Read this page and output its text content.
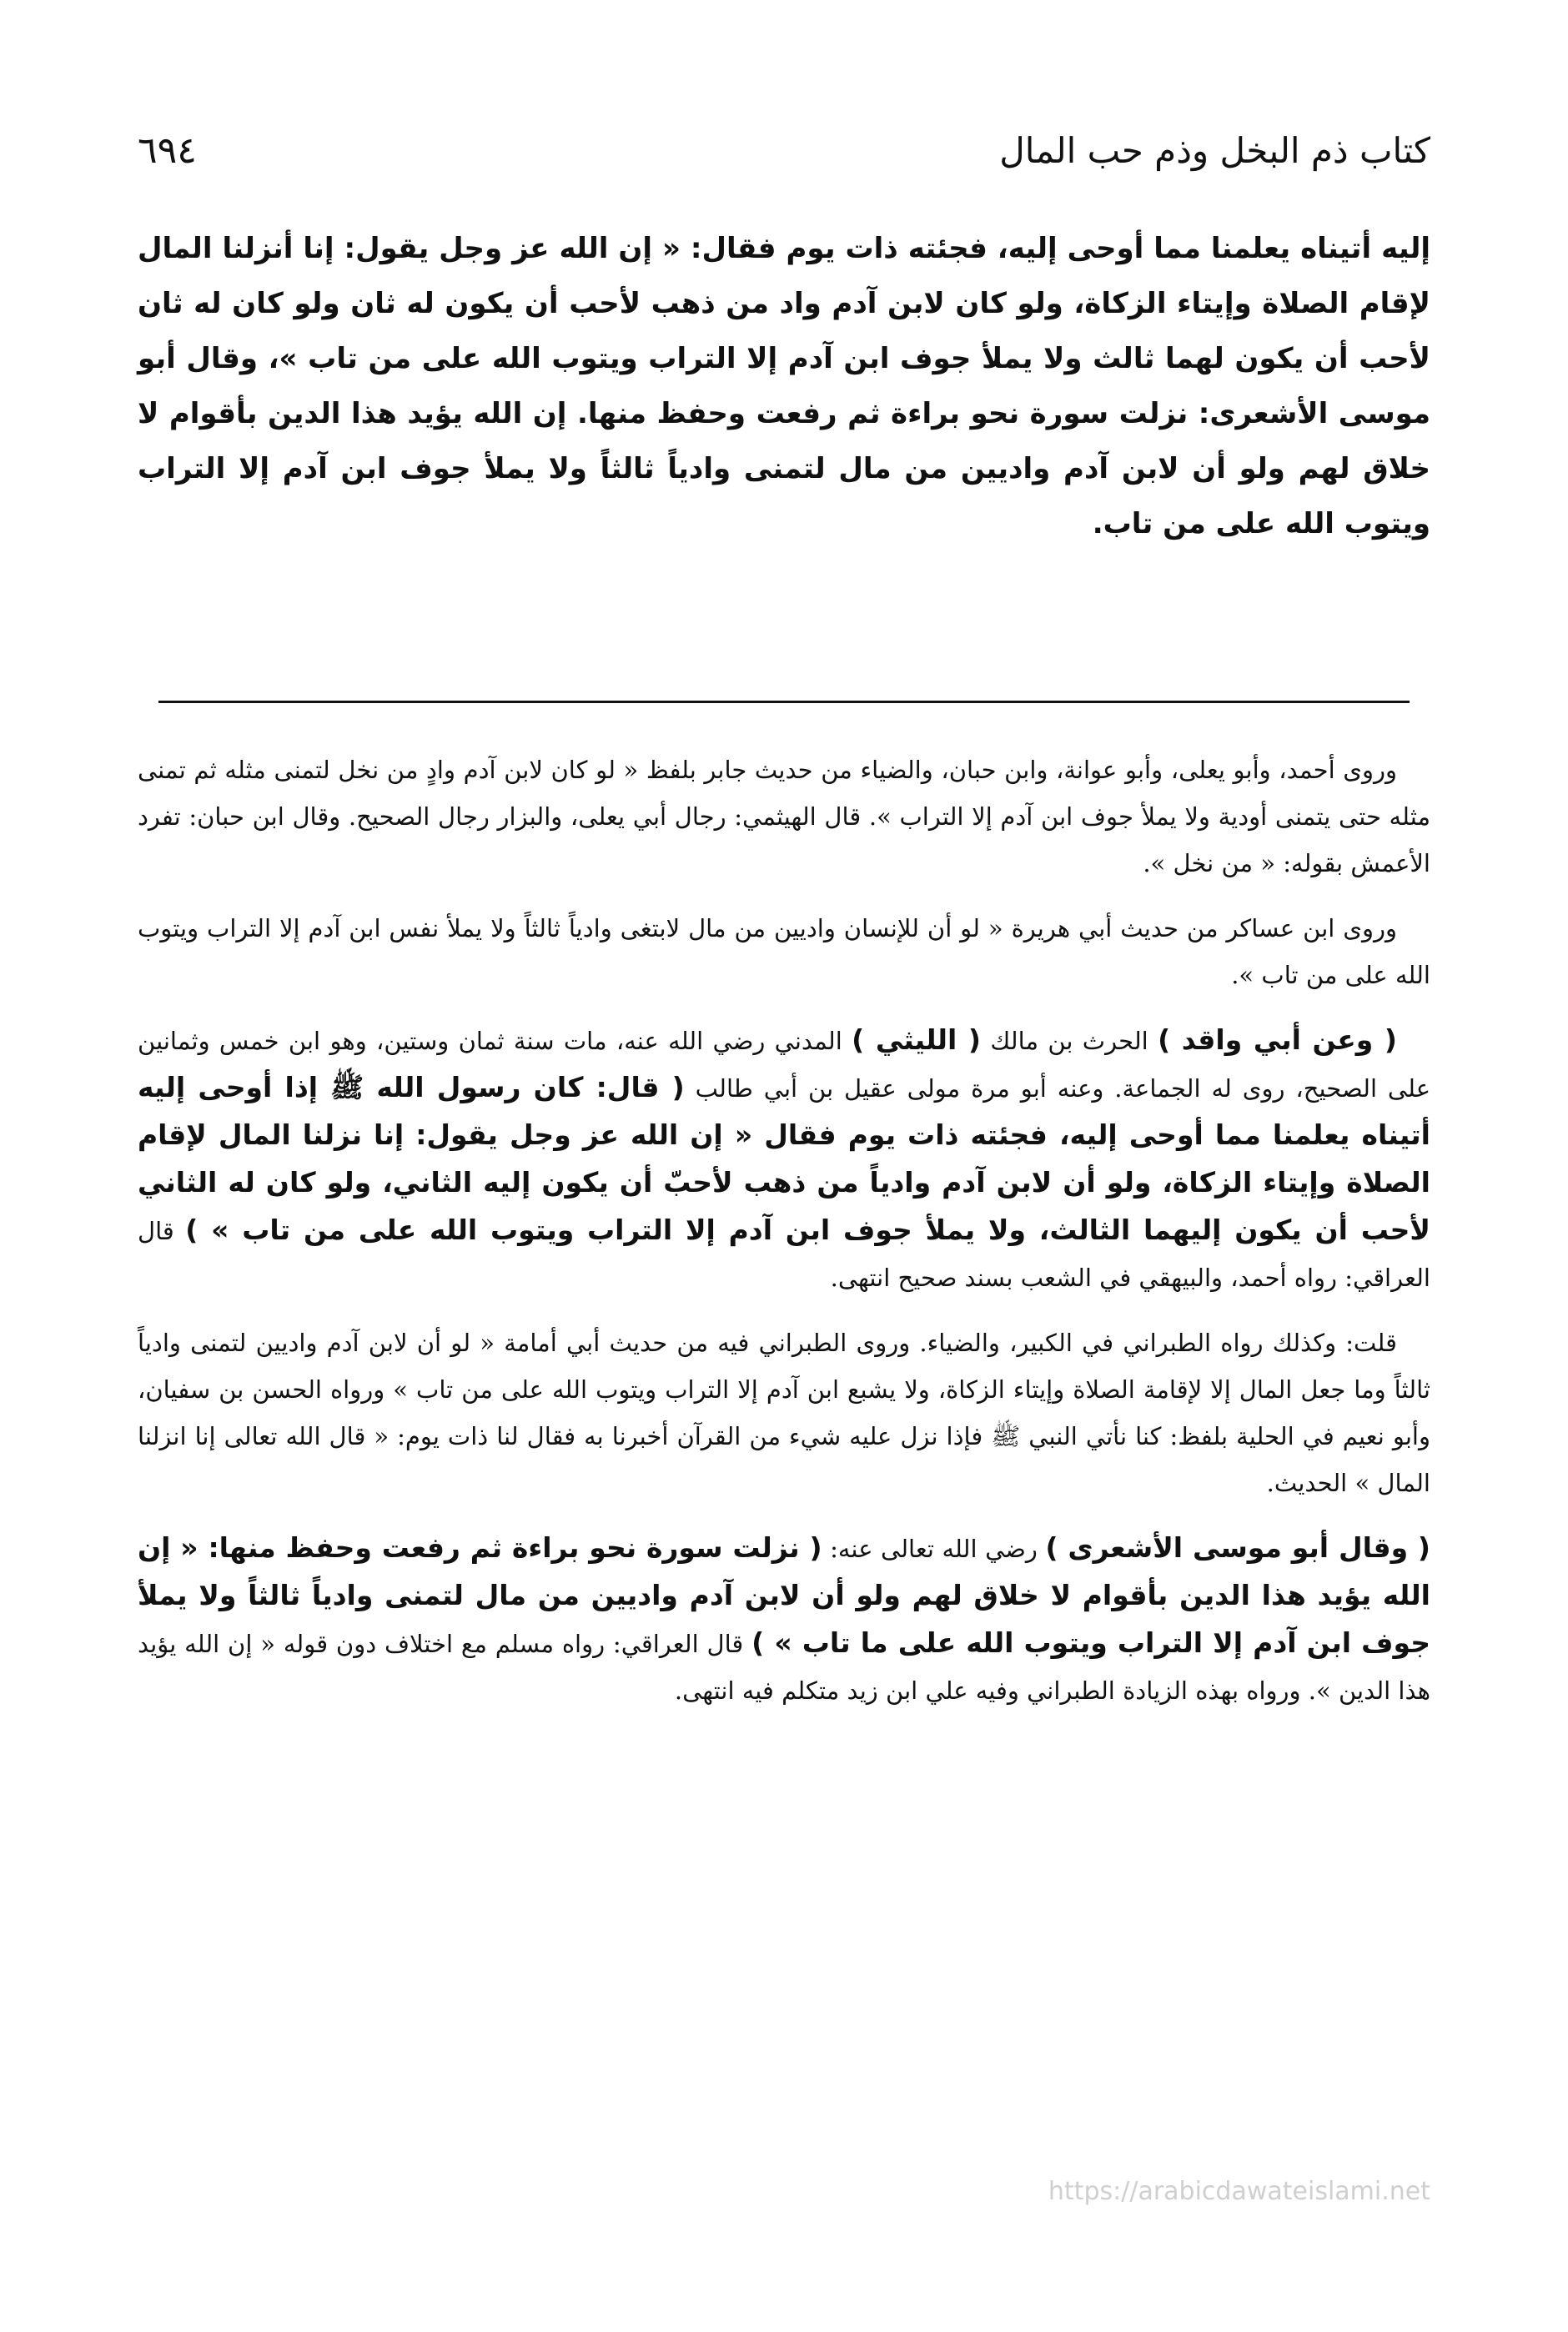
كتاب ذم البخل وذم حب المال
٦٩٤

إليه أتيناه يعلمنا مما أوحى إليه، فجئته ذات يوم فقال: « إن الله عز وجل يقول: إنا أنزلنا المال لإقام الصلاة وإيتاء الزكاة، ولو كان لابن آدم واد من ذهب لأحب أن يكون له ثان ولو كان له ثان لأحب أن يكون لهما ثالث ولا يملأ جوف ابن آدم إلا التراب ويتوب الله على من تاب »، وقال أبو موسى الأشعرى: نزلت سورة نحو براءة ثم رفعت وحفظ منها. إن الله يؤيد هذا الدين بأقوام لا خلاق لهم ولو أن لابن آدم واديين من مال لتمنى وادياً ثالثاً ولا يملأ جوف ابن آدم إلا التراب ويتوب الله على من تاب.

وروى أحمد، وأبو يعلى، وأبو عوانة، وابن حبان، والضياء من حديث جابر بلفظ « لو كان لابن آدم وادٍ من نخل لتمنى مثله ثم تمنى مثله حتى يتمنى أودية ولا يملأ جوف ابن آدم إلا التراب ». قال الهيثمي: رجال أبي يعلى، والبزار رجال الصحيح. وقال ابن حبان: تفرد الأعمش بقوله: « من نخل ».

وروى ابن عساكر من حديث أبي هريرة « لو أن للإنسان واديين من مال لابتغى وادياً ثالثاً ولا يملأ نفس ابن آدم إلا التراب ويتوب الله على من تاب ».

( وعن أبي واقد ) الحرث بن مالك ( الليثي ) المدني رضي الله عنه، مات سنة ثمان وستين، وهو ابن خمس وثمانين على الصحيح، روى له الجماعة. وعنه أبو مرة مولى عقيل بن أبي طالب ( قال: كان رسول الله ﷺ إذا أوحى إليه أتيناه يعلمنا مما أوحى إليه، فجئته ذات يوم فقال « إن الله عز وجل يقول: إنا نزلنا المال لإقام الصلاة وإيتاء الزكاة، ولو أن لابن آدم وادياً من ذهب لأحبّ أن يكون إليه الثاني، ولو كان له الثاني لأحب أن يكون إليهما الثالث، ولا يملأ جوف ابن آدم إلا التراب ويتوب الله على من تاب » ) قال العراقي: رواه أحمد، والبيهقي في الشعب بسند صحيح انتهى.

قلت: وكذلك رواه الطبراني في الكبير، والضياء. وروى الطبراني فيه من حديث أبي أمامة « لو أن لابن آدم واديين لتمنى وادياً ثالثاً وما جعل المال إلا لإقامة الصلاة وإيتاء الزكاة، ولا يشبع ابن آدم إلا التراب ويتوب الله على من تاب » ورواه الحسن بن سفيان، وأبو نعيم في الحلية بلفظ: كنا نأتي النبي ﷺ فإذا نزل عليه شيء من القرآن أخبرنا به فقال لنا ذات يوم: « قال الله تعالى إنا انزلنا المال » الحديث.

( وقال أبو موسى الأشعرى ) رضي الله تعالى عنه: ( نزلت سورة نحو براءة ثم رفعت وحفظ منها: « إن الله يؤيد هذا الدين بأقوام لا خلاق لهم ولو أن لابن آدم واديين من مال لتمنى وادياً ثالثاً ولا يملأ جوف ابن آدم إلا التراب ويتوب الله على ما تاب » ) قال العراقي: رواه مسلم مع اختلاف دون قوله « إن الله يؤيد هذا الدين ». ورواه بهذه الزيادة الطبراني وفيه علي ابن زيد متكلم فيه انتهى.

https://arabicdawateislami.net
